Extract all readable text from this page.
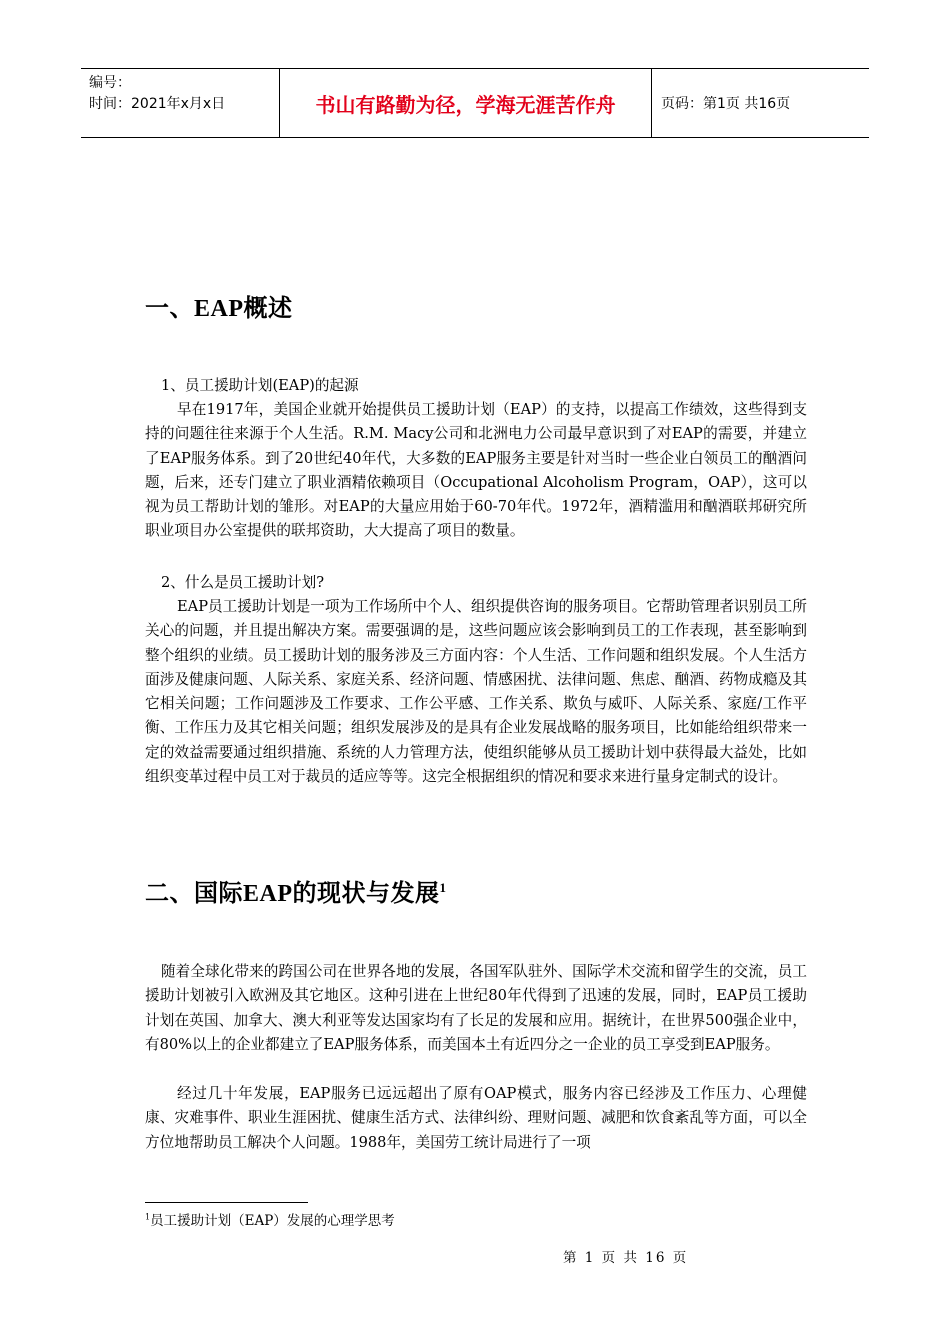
编号：
时间：2021年x月x日	书山有路勤为径，学海无涯苦作舟	页码：第1页 共16页
一、EAP概述
1、员工援助计划(EAP)的起源
早在1917年，美国企业就开始提供员工援助计划（EAP）的支持，以提高工作绩效，这些得到支持的问题往往来源于个人生活。R.M. Macy公司和北洲电力公司最早意识到了对EAP的需要，并建立了EAP服务体系。到了20世纪40年代，大多数的EAP服务主要是针对当时一些企业白领员工的酗酒问题，后来，还专门建立了职业酒精依赖项目（Occupational Alcoholism Program，OAP），这可以视为员工帮助计划的雏形。对EAP的大量应用始于60-70年代。1972年，酒精滥用和酗酒联邦研究所职业项目办公室提供的联邦资助，大大提高了项目的数量。
2、什么是员工援助计划?
EAP员工援助计划是一项为工作场所中个人、组织提供咨询的服务项目。它帮助管理者识别员工所关心的问题，并且提出解决方案。需要强调的是，这些问题应该会影响到员工的工作表现，甚至影响到整个组织的业绩。员工援助计划的服务涉及三方面内容：个人生活、工作问题和组织发展。个人生活方面涉及健康问题、人际关系、家庭关系、经济问题、情感困扰、法律问题、焦虑、酗酒、药物成瘾及其它相关问题；工作问题涉及工作要求、工作公平感、工作关系、欺负与威吓、人际关系、家庭/工作平衡、工作压力及其它相关问题；组织发展涉及的是具有企业发展战略的服务项目，比如能给组织带来一定的效益需要通过组织措施、系统的人力管理方法，使组织能够从员工援助计划中获得最大益处，比如组织变革过程中员工对于裁员的适应等等。这完全根据组织的情况和要求来进行量身定制式的设计。
二、国际EAP的现状与发展$^1$
随着全球化带来的跨国公司在世界各地的发展，各国军队驻外、国际学术交流和留学生的交流，员工援助计划被引入欧洲及其它地区。这种引进在上世纪80年代得到了迅速的发展，同时，EAP员工援助计划在英国、加拿大、澳大利亚等发达国家均有了长足的发展和应用。据统计，在世界500强企业中，有80%以上的企业都建立了EAP服务体系，而美国本土有近四分之一企业的员工享受到EAP服务。
经过几十年发展，EAP服务已远远超出了原有OAP模式，服务内容已经涉及工作压力、心理健康、灾难事件、职业生涯困扰、健康生活方式、法律纠纷、理财问题、减肥和饮食紊乱等方面，可以全方位地帮助员工解决个人问题。1988年，美国劳工统计局进行了一项
$^1$员工援助计划（EAP）发展的心理学思考
第 1 页 共 16 页
